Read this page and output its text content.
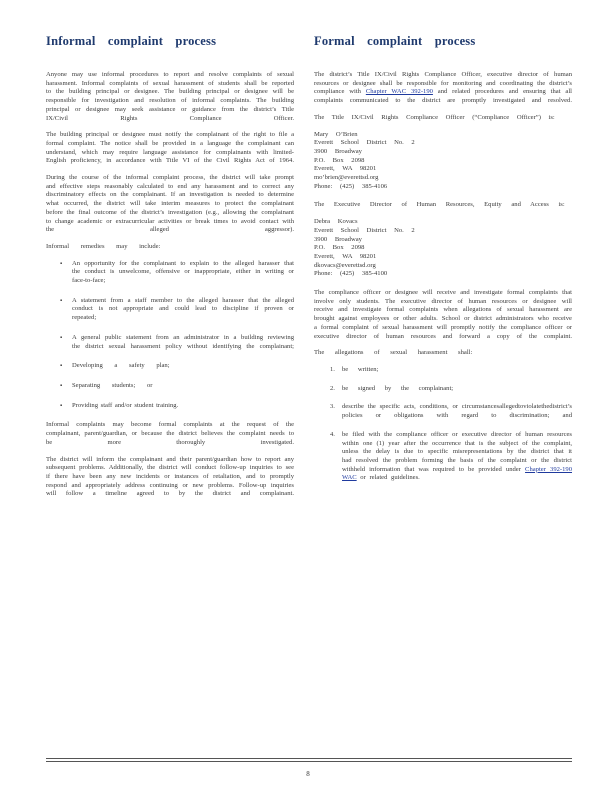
Informal complaint process

Anyone may use informal procedures to report and resolve complaints of sexual harassment. Informal complaints of sexual harassment of students shall be reported to the building principal or designee. The building principal or designee will be responsible for investigation and resolution of informal complaints. The building principal or designee may seek assistance or guidance from the district’s Title IX/Civil Rights Compliance Officer.

The building principal or designee must notify the complainant of the right to file a formal complaint. The notice shall be provided in a language the complainant can understand, which may require language assistance for complainants with limited-English proficiency, in accordance with Title VI of the Civil Rights Act of 1964.

During the course of the informal complaint process, the district will take prompt and effective steps reasonably calculated to end any harassment and to correct any discriminatory effects on the complainant. If an investigation is needed to determine what occurred, the district will take interim measures to protect the complainant before the final outcome of the district’s investigation (e.g., allowing the complainant to change academic or extracurricular activities or break times to avoid contact with the alleged aggressor).

Informal remedies may include:

▪ An opportunity for the complainant to explain to the alleged harasser that the conduct is unwelcome, offensive or inappropriate, either in writing or face-to-face;
▪ A statement from a staff member to the alleged harasser that the alleged conduct is not appropriate and could lead to discipline if proven or repeated;
▪ A general public statement from an administrator in a building reviewing the district sexual harassment policy without identifying the complainant;
▪ Developing a safety plan;
▪ Separating students; or
▪ Providing staff and/or student training.

Informal complaints may become formal complaints at the request of the complainant, parent/guardian, or because the district believes the complaint needs to be more thoroughly investigated.

The district will inform the complainant and their parent/guardian how to report any subsequent problems. Additionally, the district will conduct follow-up inquiries to see if there have been any new incidents or instances of retaliation, and to promptly respond and appropriately address continuing or new problems. Follow-up inquiries will follow a timeline agreed to by the district and complainant.

Formal complaint process

The district’s Title IX/Civil Rights Compliance Officer, executive director of human resources or designee shall be responsible for monitoring and coordinating the district’s compliance with Chapter WAC 392-190 and related procedures and ensuring that all complaints communicated to the district are promptly investigated and resolved.

The Title IX/Civil Rights Compliance Officer (“Compliance Officer”) is:

Mary O’Brien
Everett School District No. 2
3900 Broadway
P.O. Box 2098
Everett, WA 98201
mo’brien@everettsd.org
Phone: (425) 385-4106

The Executive Director of Human Resources, Equity and Access is:

Debra Kovacs
Everett School District No. 2
3900 Broadway
P.O. Box 2098
Everett, WA 98201
dkovacs@everettsd.org
Phone: (425) 385-4100

The compliance officer or designee will receive and investigate formal complaints that involve only students. The executive director of human resources or designee will receive and investigate formal complaints when allegations of sexual harassment are brought against employees or other adults. School or district administrators who receive a formal complaint of sexual harassment will promptly notify the compliance officer or executive director of human resources and forward a copy of the complaint.

The allegations of sexual harassment shall:

1. be written;
2. be signed by the complainant;
3. describe the specific acts, conditions, or circumstancesallegedtoviolatethedistrict’s policies or obligations with regard to discrimination; and
4. be filed with the compliance officer or executive director of human resources within one (1) year after the occurrence that is the subject of the complaint, unless the delay is due to specific misrepresentations by the district that it had resolved the problem forming the basis of the complaint or the district withheld information that was required to be provided under Chapter 392-190 WAC or related guidelines.
8
